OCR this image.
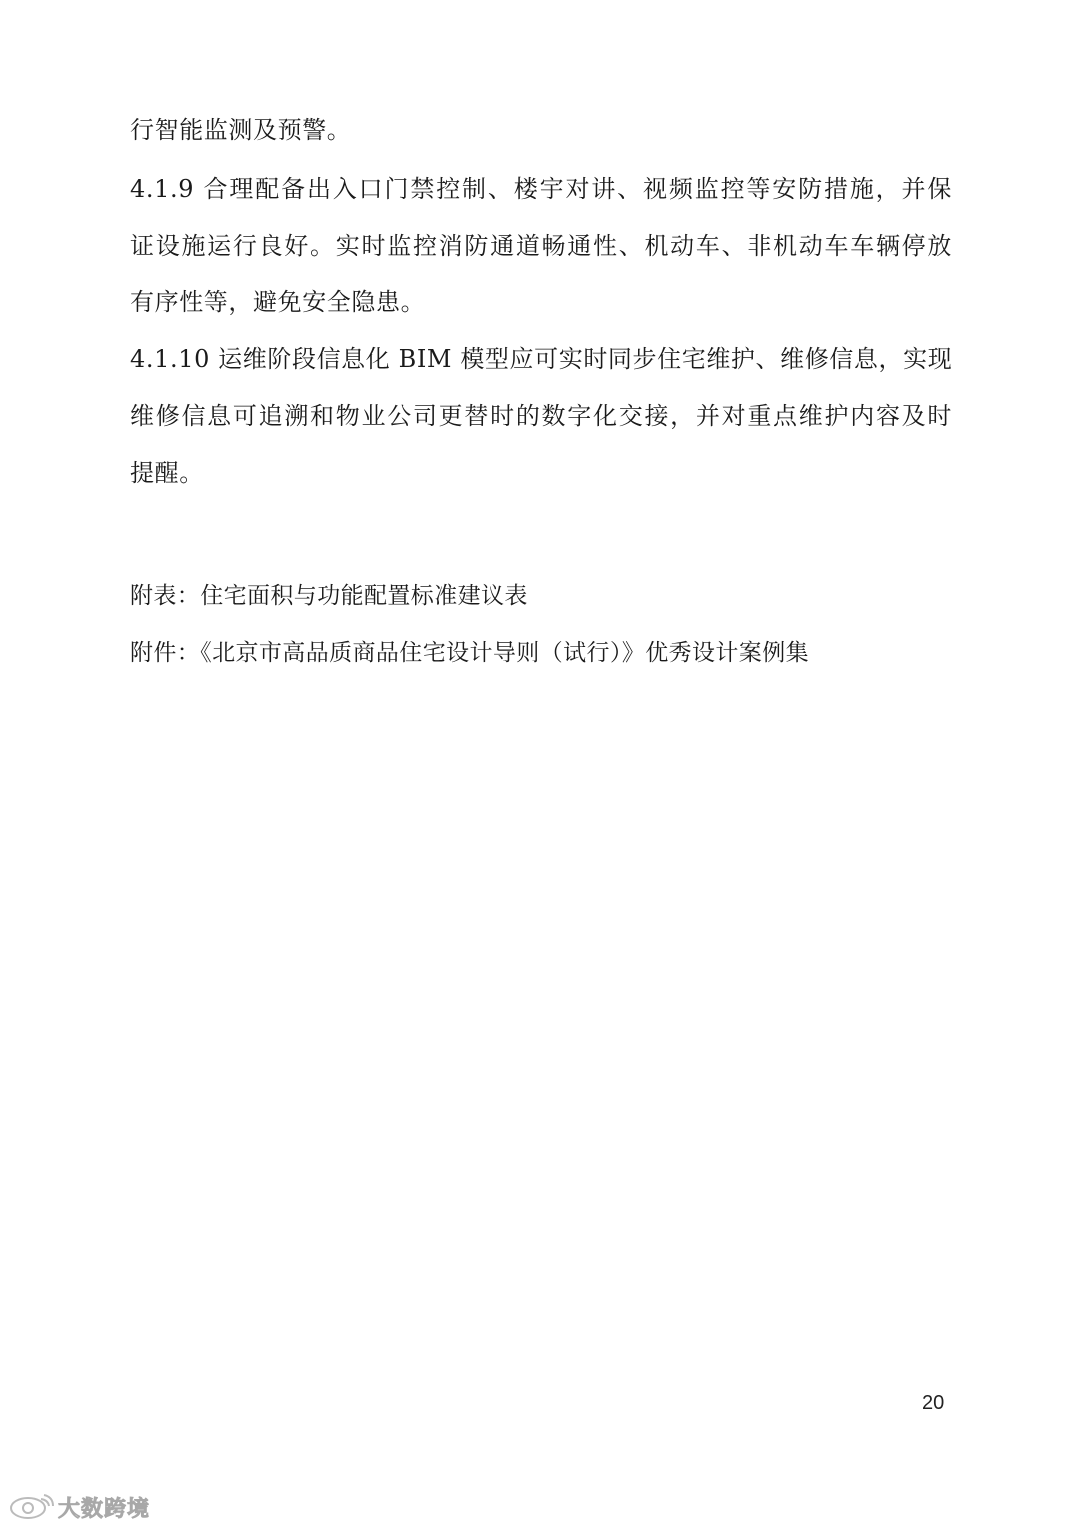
行智能监测及预警。
4.1.9 合理配备出入口门禁控制、楼宇对讲、视频监控等安防措施，并保
证设施运行良好。实时监控消防通道畅通性、机动车、非机动车车辆停放
有序性等，避免安全隐患。
4.1.10 运维阶段信息化 BIM 模型应可实时同步住宅维护、维修信息，实现
维修信息可追溯和物业公司更替时的数字化交接，并对重点维护内容及时
提醒。
附表：住宅面积与功能配置标准建议表
附件：《北京市高品质商品住宅设计导则（试行）》优秀设计案例集
20
大数跨境
